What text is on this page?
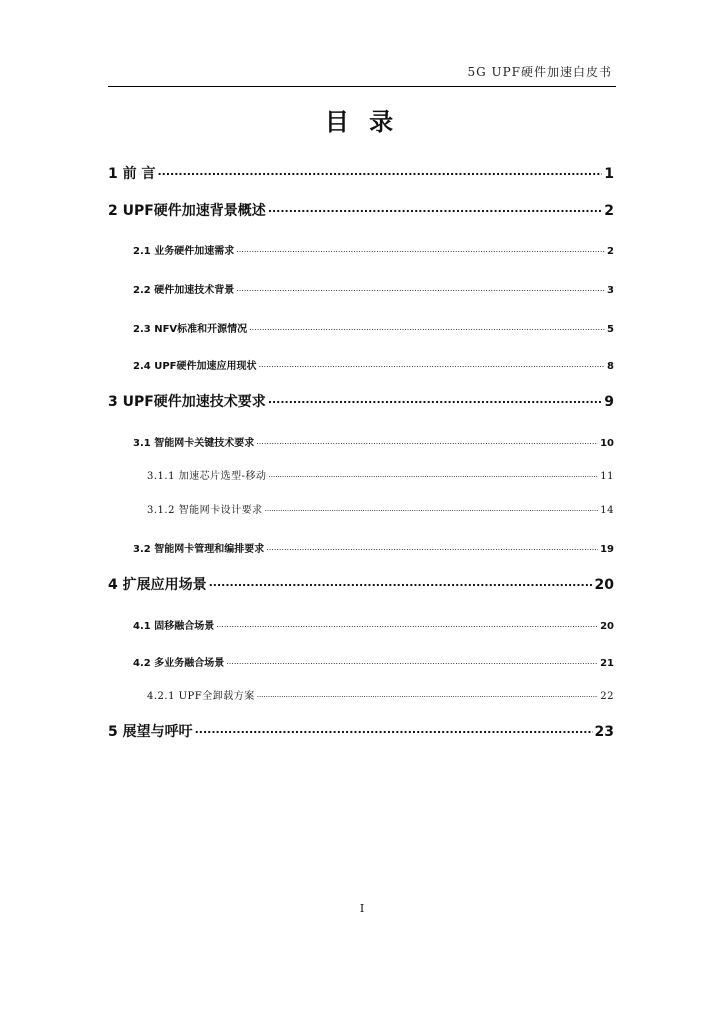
5G UPF硬件加速白皮书
目 录
1 前 言 .....	1
2 UPF硬件加速背景概述 .....	2
2.1 业务硬件加速需求 .....	2
2.2 硬件加速技术背景 .....	3
2.3 NFV标准和开源情况 .....	5
2.4 UPF硬件加速应用现状 .....	8
3 UPF硬件加速技术要求 .....	9
3.1 智能网卡关键技术要求 .....	10
3.1.1 加速芯片选型-移动 .....	11
3.1.2 智能网卡设计要求 .....	14
3.2 智能网卡管理和编排要求 .....	19
4 扩展应用场景 .....	20
4.1 固移融合场景 .....	20
4.2 多业务融合场景 .....	21
4.2.1 UPF全卸载方案 .....	22
5 展望与呼吁 .....	23
I
